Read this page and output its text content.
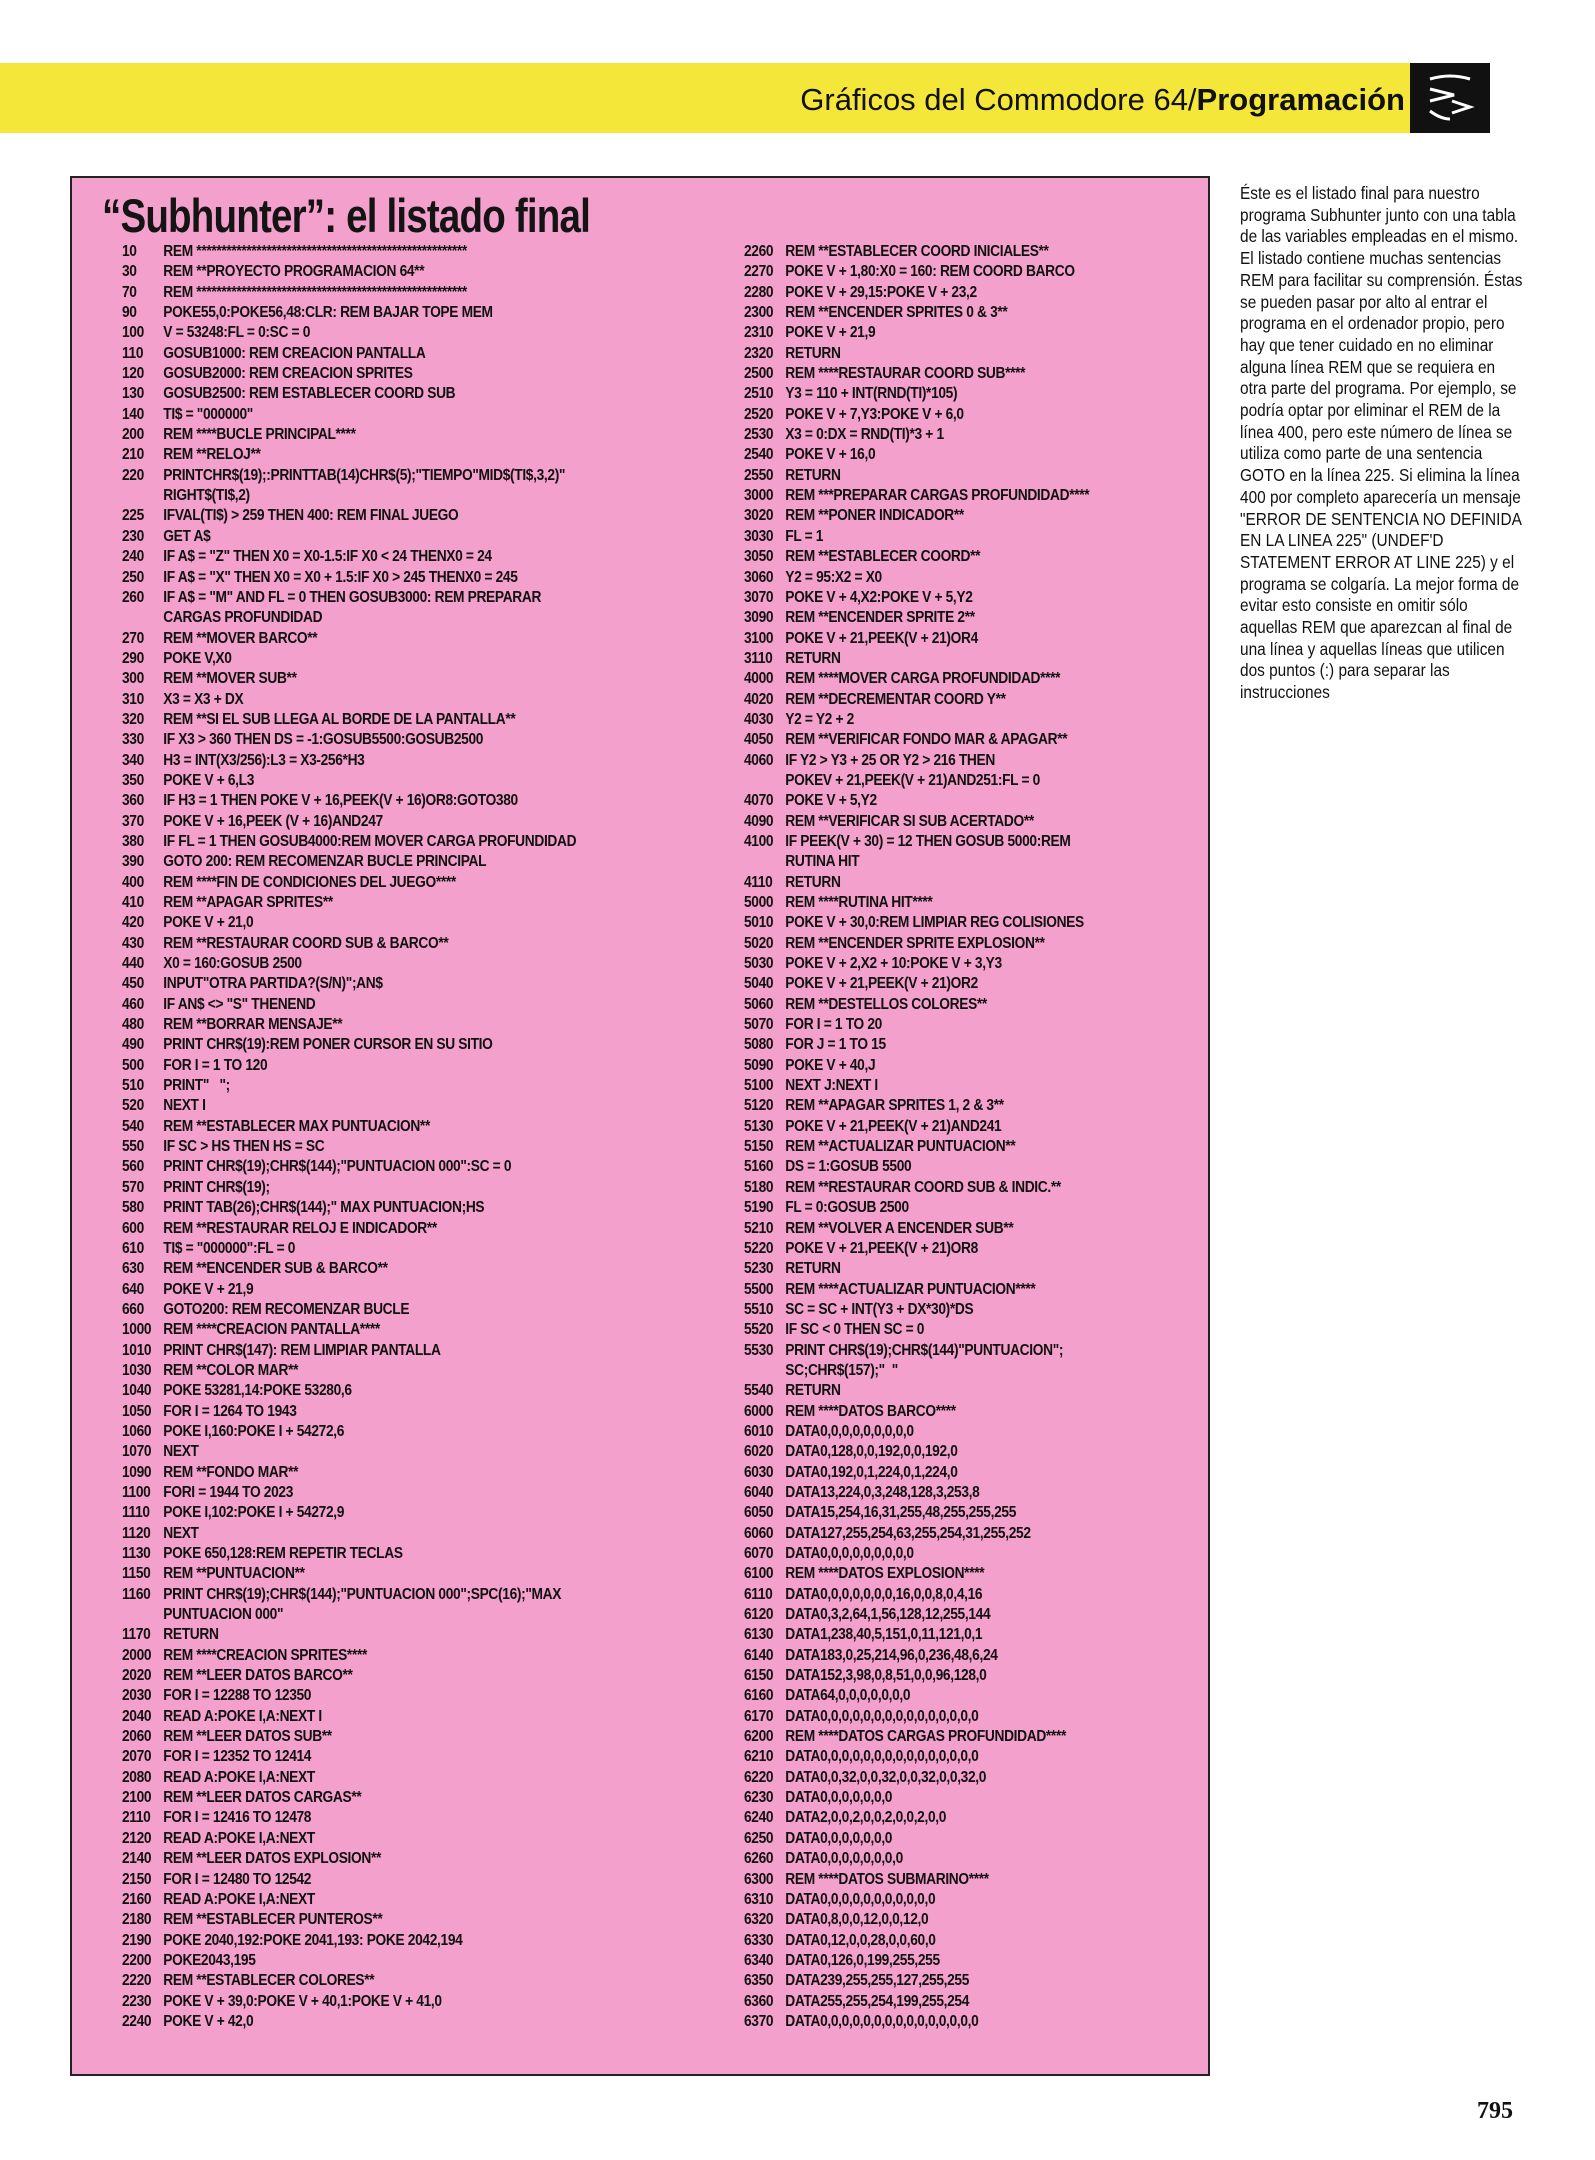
Gráficos del Commodore 64/Programación
“Subhunter”: el listado final
10 REM ******************************************************
30 REM **PROYECTO PROGRAMACION 64**
70 REM ******************************************************
90 POKE55,0:POKE56,48:CLR: REM BAJAR TOPE MEM
100 V = 53248:FL = 0:SC = 0
110 GOSUB1000: REM CREACION PANTALLA
120 GOSUB2000: REM CREACION SPRITES
130 GOSUB2500: REM ESTABLECER COORD SUB
140 TI$ = "000000"
200 REM ****BUCLE PRINCIPAL****
210 REM **RELOJ**
220 PRINTCHR$(19);:PRINTTAB(14)CHR$(5);"TIEMPO"MID$(TI$,3,2)"
RIGHT$(TI$,2)
225 IFVAL(TI$) > 259 THEN 400: REM FINAL JUEGO
230 GET A$
240 IF A$ = "Z" THEN X0 = X0-1.5:IF X0 < 24 THENX0 = 24
250 IF A$ = "X" THEN X0 = X0 + 1.5:IF X0 > 245 THENX0 = 245
260 IF A$ = "M" AND FL = 0 THEN GOSUB3000: REM PREPARAR
CARGAS PROFUNDIDAD
270 REM **MOVER BARCO**
290 POKE V,X0
300 REM **MOVER SUB**
310 X3 = X3 + DX
320 REM **SI EL SUB LLEGA AL BORDE DE LA PANTALLA**
330 IF X3 > 360 THEN DS = -1:GOSUB5500:GOSUB2500
340 H3 = INT(X3/256):L3 = X3-256*H3
350 POKE V + 6,L3
360 IF H3 = 1 THEN POKE V + 16,PEEK(V + 16)OR8:GOTO380
370 POKE V + 16,PEEK (V + 16)AND247
380 IF FL = 1 THEN GOSUB4000:REM MOVER CARGA PROFUNDIDAD
390 GOTO 200: REM RECOMENZAR BUCLE PRINCIPAL
400 REM ****FIN DE CONDICIONES DEL JUEGO****
410 REM **APAGAR SPRITES**
420 POKE V + 21,0
430 REM **RESTAURAR COORD SUB & BARCO**
440 X0 = 160:GOSUB 2500
450 INPUT"OTRA PARTIDA?(S/N)";AN$
460 IF AN$ <> "S" THENEND
480 REM **BORRAR MENSAJE**
490 PRINT CHR$(19):REM PONER CURSOR EN SU SITIO
500 FOR I = 1 TO 120
510 PRINT"   ";
520 NEXT I
540 REM **ESTABLECER MAX PUNTUACION**
550 IF SC > HS THEN HS = SC
560 PRINT CHR$(19);CHR$(144);"PUNTUACION 000":SC = 0
570 PRINT CHR$(19);
580 PRINT TAB(26);CHR$(144);" MAX PUNTUACION;HS
600 REM **RESTAURAR RELOJ E INDICADOR**
610 TI$ = "000000":FL = 0
630 REM **ENCENDER SUB & BARCO**
640 POKE V + 21,9
660 GOTO200: REM RECOMENZAR BUCLE
1000 REM ****CREACION PANTALLA****
1010 PRINT CHR$(147): REM LIMPIAR PANTALLA
1030 REM **COLOR MAR**
1040 POKE 53281,14:POKE 53280,6
1050 FOR I = 1264 TO 1943
1060 POKE I,160:POKE I + 54272,6
1070 NEXT
1090 REM **FONDO MAR**
1100 FORI = 1944 TO 2023
1110 POKE I,102:POKE I + 54272,9
1120 NEXT
1130 POKE 650,128:REM REPETIR TECLAS
1150 REM **PUNTUACION**
1160 PRINT CHR$(19);CHR$(144);"PUNTUACION 000";SPC(16);"MAX
PUNTUACION 000"
1170 RETURN
2000 REM ****CREACION SPRITES****
2020 REM **LEER DATOS BARCO**
2030 FOR I = 12288 TO 12350
2040 READ A:POKE I,A:NEXT I
2060 REM **LEER DATOS SUB**
2070 FOR I = 12352 TO 12414
2080 READ A:POKE I,A:NEXT
2100 REM **LEER DATOS CARGAS**
2110 FOR I = 12416 TO 12478
2120 READ A:POKE I,A:NEXT
2140 REM **LEER DATOS EXPLOSION**
2150 FOR I = 12480 TO 12542
2160 READ A:POKE I,A:NEXT
2180 REM **ESTABLECER PUNTEROS**
2190 POKE 2040,192:POKE 2041,193: POKE 2042,194
2200 POKE2043,195
2220 REM **ESTABLECER COLORES**
2230 POKE V + 39,0:POKE V + 40,1:POKE V + 41,0
2240 POKE V + 42,0
2260 REM **ESTABLECER COORD INICIALES**
2270 POKE V + 1,80:X0 = 160: REM COORD BARCO
2280 POKE V + 29,15:POKE V + 23,2
2300 REM **ENCENDER SPRITES 0 & 3**
2310 POKE V + 21,9
2320 RETURN
2500 REM ****RESTAURAR COORD SUB****
2510 Y3 = 110 + INT(RND(TI)*105)
2520 POKE V + 7,Y3:POKE V + 6,0
2530 X3 = 0:DX = RND(TI)*3 + 1
2540 POKE V + 16,0
2550 RETURN
3000 REM ***PREPARAR CARGAS PROFUNDIDAD****
3020 REM **PONER INDICADOR**
3030 FL = 1
3050 REM **ESTABLECER COORD**
3060 Y2 = 95:X2 = X0
3070 POKE V + 4,X2:POKE V + 5,Y2
3090 REM **ENCENDER SPRITE 2**
3100 POKE V + 21,PEEK(V + 21)OR4
3110 RETURN
4000 REM ****MOVER CARGA PROFUNDIDAD****
4020 REM **DECREMENTAR COORD Y**
4030 Y2 = Y2 + 2
4050 REM **VERIFICAR FONDO MAR & APAGAR**
4060 IF Y2 > Y3 + 25 OR Y2 > 216 THEN
POKEV + 21,PEEK(V + 21)AND251:FL = 0
4070 POKE V + 5,Y2
4090 REM **VERIFICAR SI SUB ACERTADO**
4100 IF PEEK(V + 30) = 12 THEN GOSUB 5000:REM
RUTINA HIT
4110 RETURN
5000 REM ****RUTINA HIT****
5010 POKE V + 30,0:REM LIMPIAR REG COLISIONES
5020 REM **ENCENDER SPRITE EXPLOSION**
5030 POKE V + 2,X2 + 10:POKE V + 3,Y3
5040 POKE V + 21,PEEK(V + 21)OR2
5060 REM **DESTELLOS COLORES**
5070 FOR I = 1 TO 20
5080 FOR J = 1 TO 15
5090 POKE V + 40,J
5100 NEXT J:NEXT I
5120 REM **APAGAR SPRITES 1, 2 & 3**
5130 POKE V + 21,PEEK(V + 21)AND241
5150 REM **ACTUALIZAR PUNTUACION**
5160 DS = 1:GOSUB 5500
5180 REM **RESTAURAR COORD SUB & INDIC.**
5190 FL = 0:GOSUB 2500
5210 REM **VOLVER A ENCENDER SUB**
5220 POKE V + 21,PEEK(V + 21)OR8
5230 RETURN
5500 REM ****ACTUALIZAR PUNTUACION****
5510 SC = SC + INT(Y3 + DX*30)*DS
5520 IF SC < 0 THEN SC = 0
5530 PRINT CHR$(19);CHR$(144)"PUNTUACION";
SC;CHR$(157);"  "
5540 RETURN
6000 REM ****DATOS BARCO****
6010 DATA0,0,0,0,0,0,0,0,0
6020 DATA0,128,0,0,192,0,0,192,0
6030 DATA0,192,0,1,224,0,1,224,0
6040 DATA13,224,0,3,248,128,3,253,8
6050 DATA15,254,16,31,255,48,255,255,255
6060 DATA127,255,254,63,255,254,31,255,252
6070 DATA0,0,0,0,0,0,0,0,0
6100 REM ****DATOS EXPLOSION****
6110 DATA0,0,0,0,0,0,0,16,0,0,8,0,4,16
6120 DATA0,3,2,64,1,56,128,12,255,144
6130 DATA1,238,40,5,151,0,11,121,0,1
6140 DATA183,0,25,214,96,0,236,48,6,24
6150 DATA152,3,98,0,8,51,0,0,96,128,0
6160 DATA64,0,0,0,0,0,0,0
6170 DATA0,0,0,0,0,0,0,0,0,0,0,0,0,0,0
6200 REM ****DATOS CARGAS PROFUNDIDAD****
6210 DATA0,0,0,0,0,0,0,0,0,0,0,0,0,0,0
6220 DATA0,0,32,0,0,32,0,0,32,0,0,32,0
6230 DATA0,0,0,0,0,0,0
6240 DATA2,0,0,2,0,0,2,0,0,2,0,0
6250 DATA0,0,0,0,0,0,0
6260 DATA0,0,0,0,0,0,0,0
6300 REM ****DATOS SUBMARINO****
6310 DATA0,0,0,0,0,0,0,0,0,0,0
6320 DATA0,8,0,0,12,0,0,12,0
6330 DATA0,12,0,0,28,0,0,60,0
6340 DATA0,126,0,199,255,255
6350 DATA239,255,255,127,255,255
6360 DATA255,255,254,199,255,254
6370 DATA0,0,0,0,0,0,0,0,0,0,0,0,0,0,0
Éste es el listado final para nuestro programa Subhunter junto con una tabla de las variables empleadas en el mismo. El listado contiene muchas sentencias REM para facilitar su comprensión. Éstas se pueden pasar por alto al entrar el programa en el ordenador propio, pero hay que tener cuidado en no eliminar alguna línea REM que se requiera en otra parte del programa. Por ejemplo, se podría optar por eliminar el REM de la línea 400, pero este número de línea se utiliza como parte de una sentencia GOTO en la línea 225. Si elimina la línea 400 por completo aparecería un mensaje "ERROR DE SENTENCIA NO DEFINIDA EN LA LINEA 225" (UNDEF'D STATEMENT ERROR AT LINE 225) y el programa se colgaría. La mejor forma de evitar esto consiste en omitir sólo aquellas REM que aparezcan al final de una línea y aquellas líneas que utilicen dos puntos (:) para separar las instrucciones
795
